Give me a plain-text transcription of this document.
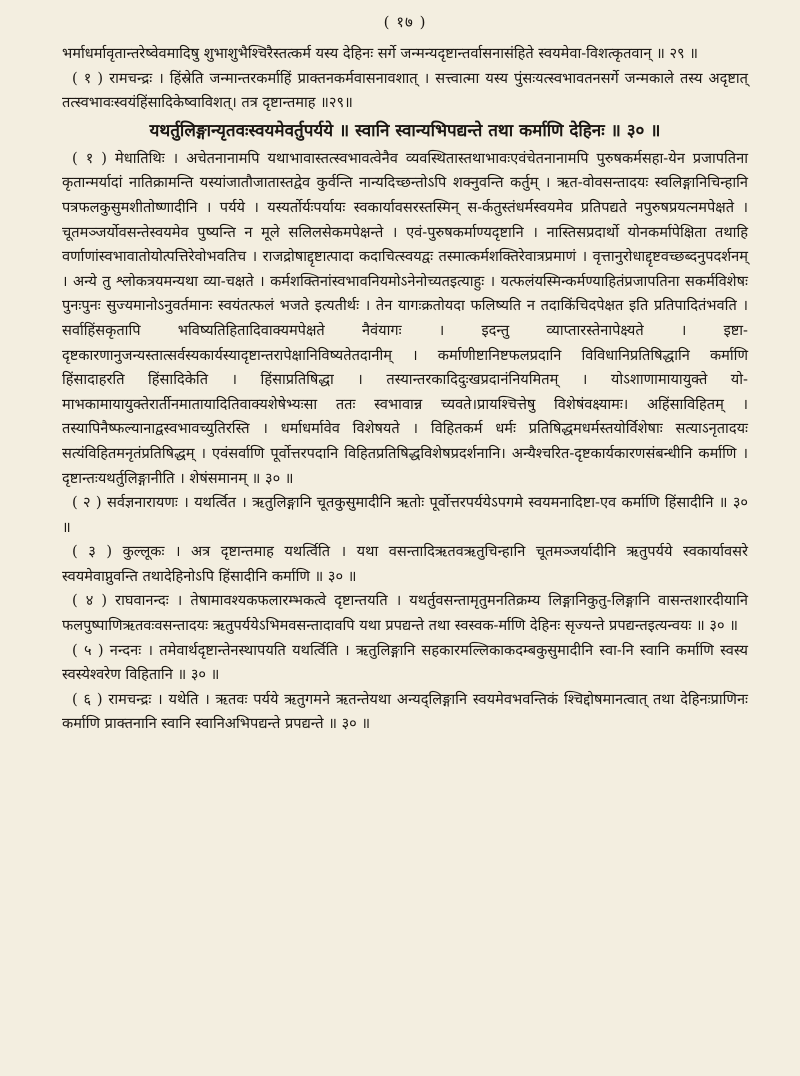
( १७ )

भर्माधर्मावृतान्तरेष्वेवमादिषु शुभाशुभैश्चिरैस्तत्कर्म यस्य देहिनः सर्गे जन्मन्यदृष्टान्तर्वासनासंहिते स्वयमेवा-विशत्कृतवान् ॥ २९ ॥

( १ ) रामचन्द्रः । हिंस्रेति जन्मान्तरकर्माहिं प्राक्तनकर्मवासनावशात् । सत्त्वात्मा यस्य पुंसःयत्स्वभावतनसर्गे जन्मकाले तस्य अदृष्टात् तत्स्वभावःस्वयंहिंसादिकेष्वाविशत्। तत्र दृष्टान्तमाह ॥२९॥

यथर्तुलिङ्गान्यृतवःस्वयमेवर्तुपर्यये ॥ स्वानि स्वान्यभिपद्यन्ते तथा कर्माणि देहिनः ॥ ३० ॥

( १ ) मेधातिथिः । अचेतनानामपि यथाभावास्तत्स्वभावत्वेनैव व्यवस्थितास्तथाभावःएवंचेतनानामपि पुरुषकर्मसहा-येन प्रजापतिना कृतान्मर्यादां नातिक्रामन्ति यस्यांजातौजातास्तद्वेव कुर्वन्ति नान्यदिच्छन्तोऽपि शक्नुवन्ति कर्तुम् । ऋत-वोवसन्तादयः स्वलिङ्गानिचिन्हानि पत्रफलकुसुमशीतोष्णादीनि । पर्यये । यस्यर्तोर्यःपर्यायः स्वकार्यावसरस्तस्मिन् स-र्कतुस्तंधर्मस्वयमेव प्रतिपद्यते नपुरुषप्रयत्नमपेक्षते । चूतमञ्जर्योवसन्तेस्वयमेव पुष्यन्ति न मूले सलिलसेकमपेक्षन्ते । एवं-पुरुषकर्माण्यदृष्टानि । नास्तिसप्रदार्थो योनकर्मापेक्षिता तथाहि वर्णाणांस्वभावातोयोत्पत्तिरेवोभवतिच । राजद्रोषाद्दृष्टात्पादा कदाचित्स्वयद्वः तस्मात्कर्मशक्तिरेवात्रप्रमाणं । वृत्तानुरोधाद्दृष्टवच्छब्दनुपदर्शनम् । अन्ये तु श्लोकत्रयमन्यथा व्या-चक्षते । कर्मशक्तिनांस्वभावनियमोऽनेनोच्यतइत्याहुः । यत्फलंयस्मिन्कर्मण्याहितंप्रजापतिना सकर्मविशेषः पुनःपुनः सुज्यमानोऽनुवर्तमानः स्वयंतत्फलं भजते इत्यतीर्थः । तेन यागःक्रतोयदा फलिष्यति न तदाकिंचिदपेक्षत इति प्रतिपादितंभवति । सर्वाहिंसकृतापि भविष्यतिहितादिवाक्यमपेक्षते नैवंयागः । इदन्तु व्याप्तारस्तेनापेक्ष्यते । इष्टा-दृष्टकारणानुजन्यस्तात्सर्वस्यकार्यस्यादृष्टान्तरापेक्षानिविष्यतेतदानीम् । कर्माणीष्टानिष्टफलप्रदानि विविधानिप्रतिषिद्धानि कर्माणि हिंसादाहरति हिंसादिकेति । हिंसाप्रतिषिद्धा । तस्यान्तरकादिदुःखप्रदानंनियमितम् । योऽशाणामायायुक्ते यो-माभकामायायुक्तेरार्तीनमातायादितिवाक्यशेषेभ्यःसा ततः स्वभावान्न च्यवते।प्रायश्चित्तेषु विशेषंवक्ष्यामः। अहिंसाविहितम् । तस्यापिनैष्फल्यानाद्वस्वभावच्युतिरस्ति । धर्माधर्मावेव विशेषयते । विहितकर्म धर्मः प्रतिषिद्धमधर्मस्तयोर्विशेषाः सत्याऽनृतादयः सत्यंविहितमनृतंप्रतिषिद्धम् । एवंसर्वाणि पूर्वोत्तरपदानि विहितप्रतिषिद्धविशेषप्रदर्शनानि। अन्यैश्चरित-दृष्टकार्यकारणसंबन्धीनि कर्माणि । दृष्टान्तःयथर्तुलिङ्गानीति । शेषंसमानम् ॥ ३० ॥

( २ ) सर्वज्ञनारायणः । यथर्त्वित । ऋतुलिङ्गानि चूतकुसुमादीनि ऋतोः पूर्वोत्तरपर्ययेऽपगमे स्वयमनादिष्टा-एव कर्माणि हिंसादीनि ॥ ३० ॥

( ३ ) कुल्लूकः । अत्र दृष्टान्तमाह यथर्त्विति । यथा वसन्तादिऋतवऋतुचिन्हानि चूतमञ्जर्यादीनि ऋतुपर्यये स्वकार्यावसरे स्वयमेवाप्नुवन्ति तथादेहिनोऽपि हिंसादीनि कर्माणि ॥ ३० ॥

( ४ ) राघवानन्दः । तेषामावश्यकफलारम्भकत्वे दृष्टान्तयति । यथर्तुवसन्तामृतुमनतिक्रम्य लिङ्गानिकुतु-लिङ्गानि वासन्तशारदीयानि फलपुष्पाणिऋतवःवसन्तादयः ऋतुपर्ययेऽभिमवसन्तादावपि यथा प्रपद्यन्ते तथा स्वस्वक-र्माणि देहिनः सृज्यन्ते प्रपद्यन्तइत्यन्वयः ॥ ३० ॥

( ५ ) नन्दनः । तमेवार्थदृष्टान्तेनस्थापयति यथर्त्विति । ऋतुलिङ्गानि सहकारमल्लिकाकदम्बकुसुमादीनि स्वा-नि स्वानि कर्माणि स्वस्य स्वस्येश्वरेण विहितानि ॥ ३० ॥

( ६ ) रामचन्द्रः । यथेति । ऋतवः पर्यये ऋतुगमने ऋतन्तेयथा अन्यद्लिङ्गानि स्वयमेवभवन्तिकं श्चिद्दोषमानत्वात् तथा देहिनःप्राणिनः कर्माणि प्राक्तनानि स्वानि स्वानिअभिपद्यन्ते प्रपद्यन्ते ॥ ३० ॥
